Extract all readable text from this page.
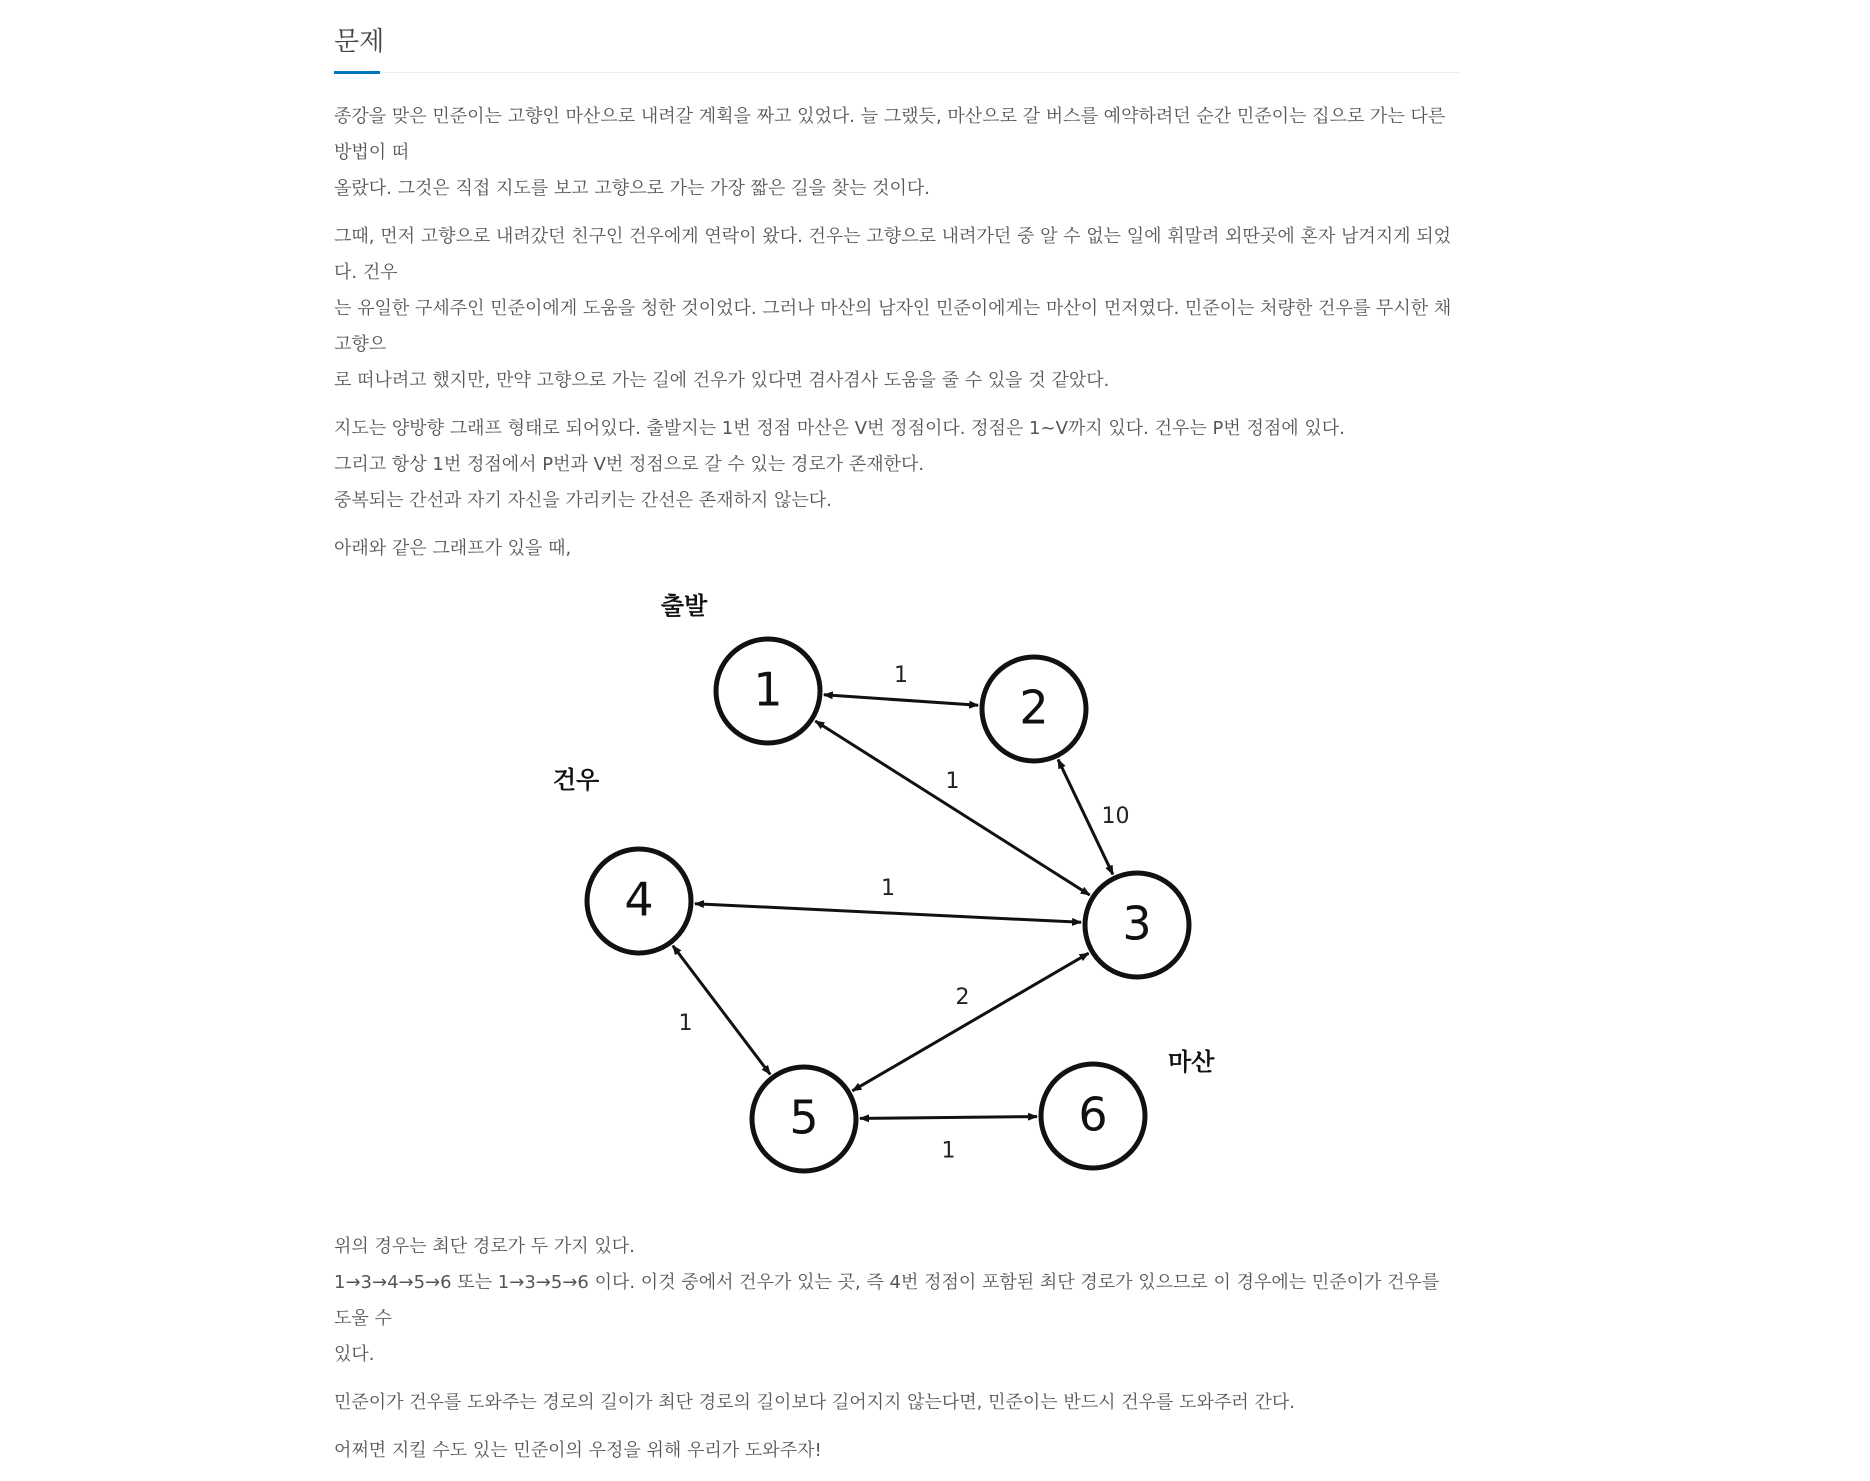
문제

종강을 맞은 민준이는 고향인 마산으로 내려갈 계획을 짜고 있었다. 늘 그랬듯, 마산으로 갈 버스를 예약하려던 순간 민준이는 집으로 가는 다른 방법이 떠

올랐다. 그것은 직접 지도를 보고 고향으로 가는 가장 짧은 길을 찾는 것이다.

그때, 먼저 고향으로 내려갔던 친구인 건우에게 연락이 왔다. 건우는 고향으로 내려가던 중 알 수 없는 일에 휘말려 외딴곳에 혼자 남겨지게 되었다. 건우

는 유일한 구세주인 민준이에게 도움을 청한 것이었다. 그러나 마산의 남자인 민준이에게는 마산이 먼저였다. 민준이는 처량한 건우를 무시한 채 고향으

로 떠나려고 했지만, 만약 고향으로 가는 길에 건우가 있다면 겸사겸사 도움을 줄 수 있을 것 같았다.

지도는 양방향 그래프 형태로 되어있다. 출발지는 1번 정점 마산은 V번 정점이다. 정점은 1~V까지 있다. 건우는 P번 정점에 있다.

그리고 항상 1번 정점에서 P번과 V번 정점으로 갈 수 있는 경로가 존재한다.

중복되는 간선과 자기 자신을 가리키는 간선은 존재하지 않는다.

아래와 같은 그래프가 있을 때,

1	2
3
4
5	6
1
1
10
1
1
2
1
출발
건우
마산

위의 경우는 최단 경로가 두 가지 있다.

1→3→4→5→6 또는 1→3→5→6 이다. 이것 중에서 건우가 있는 곳, 즉 4번 정점이 포함된 최단 경로가 있으므로 이 경우에는 민준이가 건우를 도울 수

있다.

민준이가 건우를 도와주는 경로의 길이가 최단 경로의 길이보다 길어지지 않는다면, 민준이는 반드시 건우를 도와주러 간다.

어쩌면 지킬 수도 있는 민준이의 우정을 위해 우리가 도와주자!
